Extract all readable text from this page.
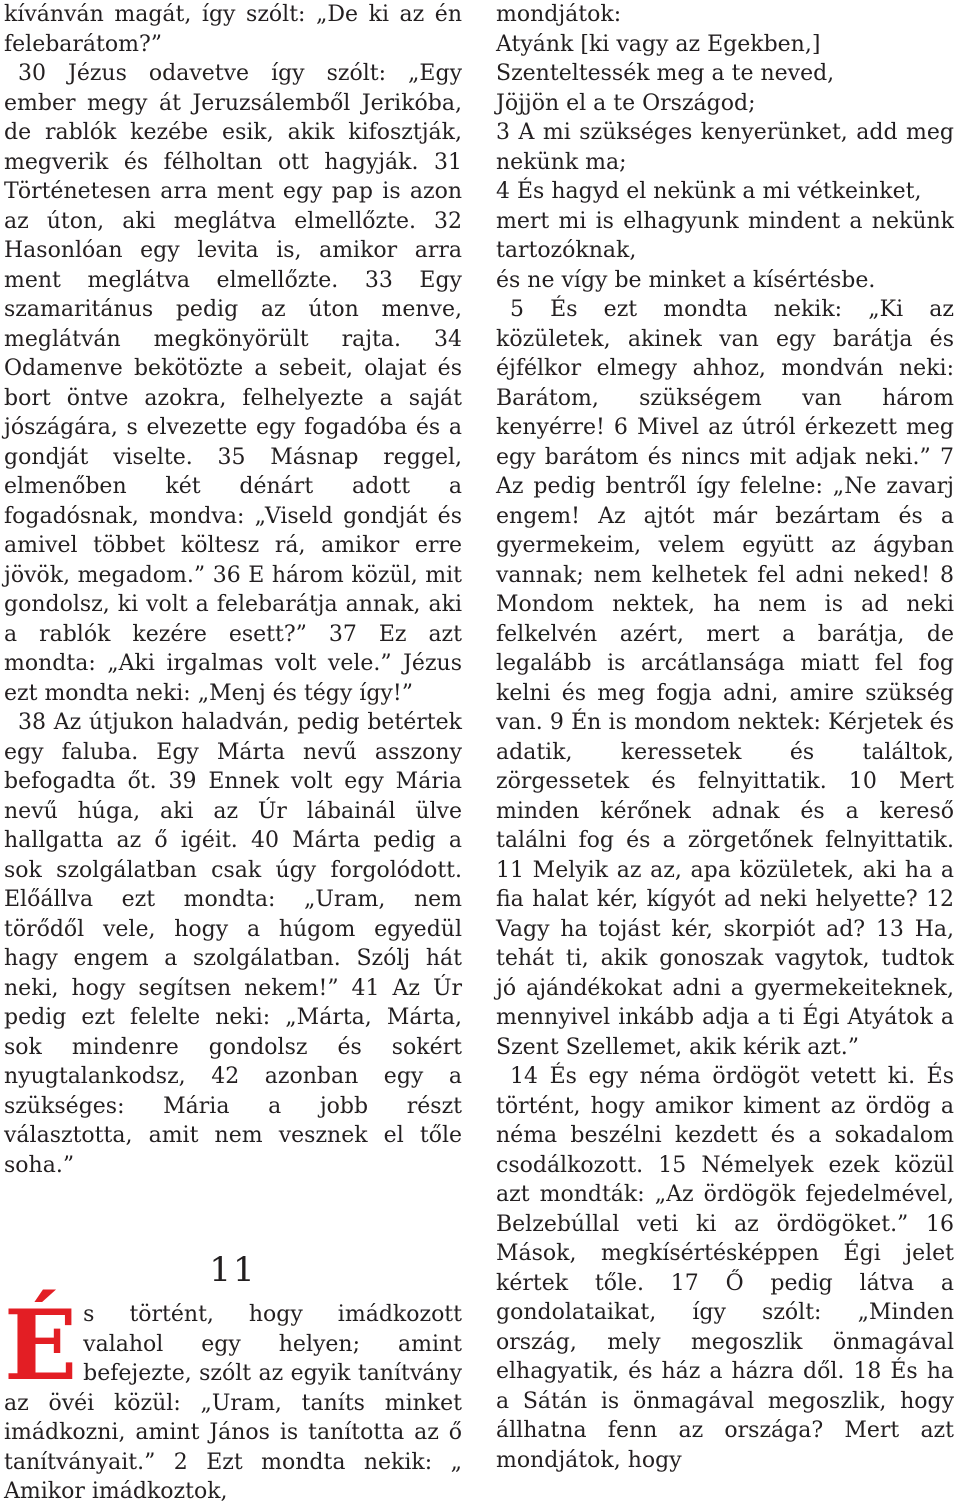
kívánván magát, így szólt: „De ki az én felebarátom?”

30 Jézus odavetve így szólt: „Egy ember megy át Jeruzsálemből Jerikóba, de rablók kezébe esik, akik kifosztják, megverik és félholtan ott hagyják. 31 Történetesen arra ment egy pap is azon az úton, aki meglátva elmellőzte. 32 Hasonlóan egy levita is, amikor arra ment meglátva elmellőzte. 33 Egy szamaritánus pedig az úton menve, meglátván megkönyörült rajta. 34 Odamenve bekötözte a sebeit, olajat és bort öntve azokra, felhelyezte a saját jószágára, s elvezette egy fogadóba és a gondját viselte. 35 Másnap reggel, elmenőben két dénárt adott a fogadósnak, mondva: „Viseld gondját és amivel többet költesz rá, amikor erre jövök, megadom.” 36 E három közül, mit gondolsz, ki volt a felebarátja annak, aki a rablók kezére esett?” 37 Ez azt mondta: „Aki irgalmas volt vele.” Jézus ezt mondta neki: „Menj és tégy így!”

38 Az útjukon haladván, pedig betértek egy faluba. Egy Márta nevű asszony befogadta őt. 39 Ennek volt egy Mária nevű húga, aki az Úr lábainál ülve hallgatta az ő igéit. 40 Márta pedig a sok szolgálatban csak úgy forgolódott. Előállva ezt mondta: „Uram, nem törődől vele, hogy a húgom egyedül hagy engem a szolgálatban. Szólj hát neki, hogy segítsen nekem!” 41 Az Úr pedig ezt felelte neki: „Márta, Márta, sok mindenre gondolsz és sokért nyugtalankodsz, 42 azonban egy a szükséges: Mária a jobb részt választotta, amit nem vesznek el tőle soha.”

11

É s történt, hogy imádkozott valahol egy helyen; amint befejezte, szólt az egyik tanítvány az övéi közül: „Uram, taníts minket imádkozni, amint János is tanította az ő tanítványait.” 2 Ezt mondta nekik: „ Amikor imádkoztok,

mondjátok:

Atyánk [ki vagy az Egekben,]

Szenteltessék meg a te neved,

Jöjjön el a te Országod;

3 A mi szükséges kenyerünket, add meg nekünk ma;

4 És hagyd el nekünk a mi vétkeinket,

mert mi is elhagyunk mindent a nekünk tartozóknak,

és ne vígy be minket a kísértésbe.

5 És ezt mondta nekik: „Ki az közületek, akinek van egy barátja és éjfélkor elmegy ahhoz, mondván neki: Barátom, szükségem van három kenyérre! 6 Mivel az útról érkezett meg egy barátom és nincs mit adjak neki.” 7 Az pedig bentről így felelne: „Ne zavarj engem! Az ajtót már bezártam és a gyermekeim, velem együtt az ágyban vannak; nem kelhetek fel adni neked! 8 Mondom nektek, ha nem is ad neki felkelvén azért, mert a barátja, de legalább is arcátlansága miatt fel fog kelni és meg fogja adni, amire szükség van. 9 Én is mondom nektek: Kérjetek és adatik, keressetek és találtok, zörgessetek és felnyittatik. 10 Mert minden kérőnek adnak és a kereső találni fog és a zörgetőnek felnyittatik. 11 Melyik az az, apa közületek, aki ha a fia halat kér, kígyót ad neki helyette? 12 Vagy ha tojást kér, skorpiót ad? 13 Ha, tehát ti, akik gonoszak vagytok, tudtok jó ajándékokat adni a gyermekeiteknek, mennyivel inkább adja a ti Égi Atyátok a Szent Szellemet, akik kérik azt.”

14 És egy néma ördögöt vetett ki. És történt, hogy amikor kiment az ördög a néma beszélni kezdett és a sokadalom csodálkozott. 15 Némelyek ezek közül azt mondták: „Az ördögök fejedelmével, Belzebúllal veti ki az ördögöket.” 16 Mások, megkísértésképpen Égi jelet kértek tőle. 17 Ő pedig látva a gondolataikat, így szólt: „Minden ország, mely megoszlik önmagával elhagyatik, és ház a házra dől. 18 És ha a Sátán is önmagával megoszlik, hogy állhatna fenn az országa? Mert azt mondjátok, hogy
